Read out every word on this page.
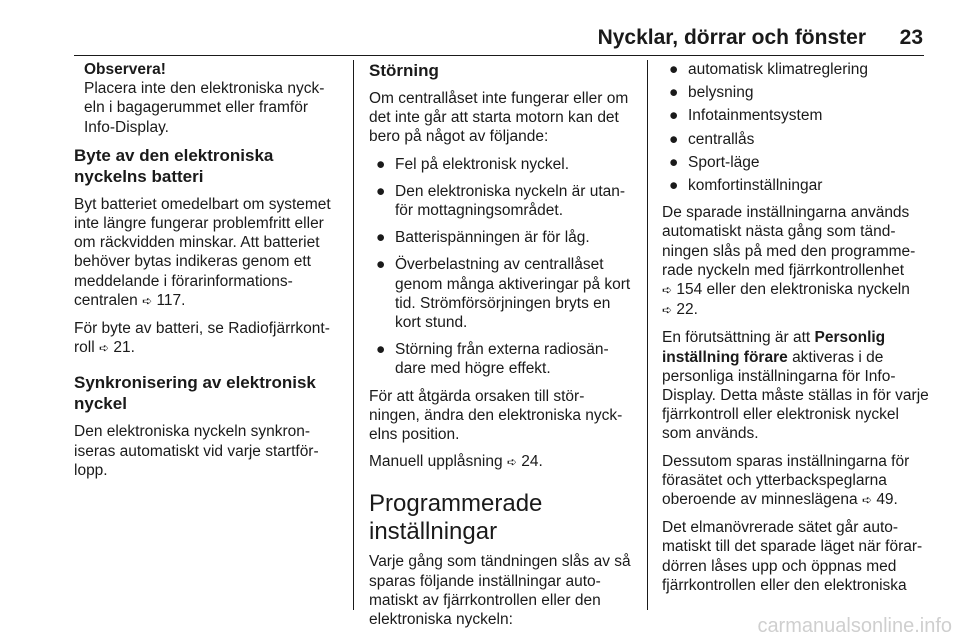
Nycklar, dörrar och fönster 23
Observera!
Placera inte den elektroniska nyck-eln i bagagerummet eller framför Info-Display.
Byte av den elektroniska nyckelns batteri

Byt batteriet omedelbart om systemet inte längre fungerar problemfritt eller om räckvidden minskar. Att batteriet behöver bytas indikeras genom ett meddelande i förarinformations-centralen ➪ 117.

För byte av batteri, se Radiofjärrkont-roll ➪ 21.

Synkronisering av elektronisk nyckel

Den elektroniska nyckeln synkron-iseras automatiskt vid varje startför-lopp.

Störning

Om centrallåset inte fungerar eller om det inte går att starta motorn kan det bero på något av följande:

● Fel på elektronisk nyckel.
● Den elektroniska nyckeln är utan-för mottagningsområdet.
● Batterispänningen är för låg.
● Överbelastning av centrallåset genom många aktiveringar på kort tid. Strömförsörjningen bryts en kort stund.
● Störning från externa radiosän-dare med högre effekt.

För att åtgärda orsaken till stör-ningen, ändra den elektroniska nyck-elns position.

Manuell upplåsning ➪ 24.

Programmerade inställningar

Varje gång som tändningen slås av så sparas följande inställningar auto-matiskt av fjärrkontrollen eller den elektroniska nyckeln:

● automatisk klimatreglering
● belysning
● Infotainmentsystem
● centrallås
● Sport-läge
● komfortinställningar

De sparade inställningarna används automatiskt nästa gång som tänd-ningen slås på med den programme-rade nyckeln med fjärrkontrollenhet
➪ 154 eller den elektroniska nyckeln
➪ 22.

En förutsättning är att Personlig inställning förare aktiveras i de personliga inställningarna för Info-Display. Detta måste ställas in för varje fjärrkontroll eller elektronisk nyckel som används.

Dessutom sparas inställningarna för förasätet och ytterbackspeglarna oberoende av minneslägena ➪ 49.

Det elmanövrerade sätet går auto-matiskt till det sparade läget när förar-dörren låses upp och öppnas med fjärrkontrollen eller den elektroniska

carmanualsonline.info
